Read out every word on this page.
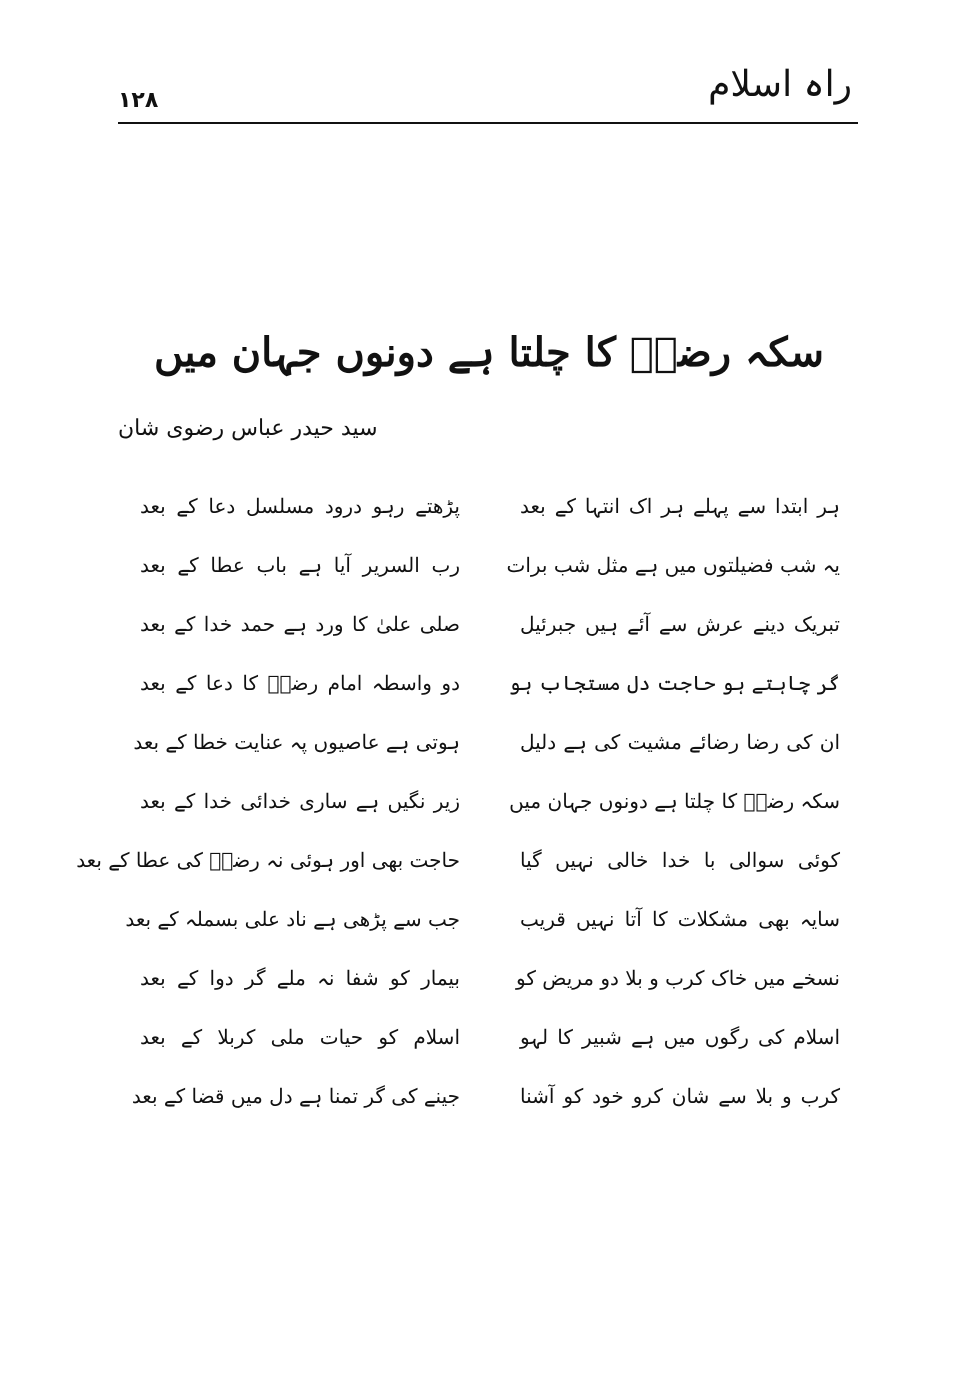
راہ اسلام
۱۲۸
سکہ رضاؑ کا چلتا ہے دونوں جہان میں
سید حیدر عباس رضوی شان
ہر ابتدا سے پہلے ہر اک انتہا کے بعد
پڑھتے رہو درود مسلسل دعا کے بعد
یہ شب فضیلتوں میں ہے مثل شب برات
رب السریر آیا ہے باب عطا کے بعد
تبریک دینے عرش سے آئے ہیں جبرئیل
صلی علیٰ کا ورد ہے حمد خدا کے بعد
گر چاہتے ہو حاجت دل مستجاب ہو
دو واسطہ امام رضاؑ کا دعا کے بعد
ان کی رضا رضائے مشیت کی ہے دلیل
ہوتی ہے عاصیوں پہ عنایت خطا کے بعد
سکہ رضاؑ کا چلتا ہے دونوں جہان میں
زیر نگیں ہے ساری خدائی خدا کے بعد
کوئی سوالی با خدا خالی نہیں گیا
حاجت بھی اور ہوئی نہ رضاؑ کی عطا کے بعد
سایہ بھی مشکلات کا آتا نہیں قریب
جب سے پڑھی ہے ناد علی بسملہ کے بعد
نسخے میں خاک کرب و بلا دو مریض کو
بیمار کو شفا نہ ملے گر دوا کے بعد
اسلام کی رگوں میں ہے شبیر کا لہو
اسلام کو حیات ملی کربلا کے بعد
کرب و بلا سے شان کرو خود کو آشنا
جینے کی گر تمنا ہے دل میں قضا کے بعد
